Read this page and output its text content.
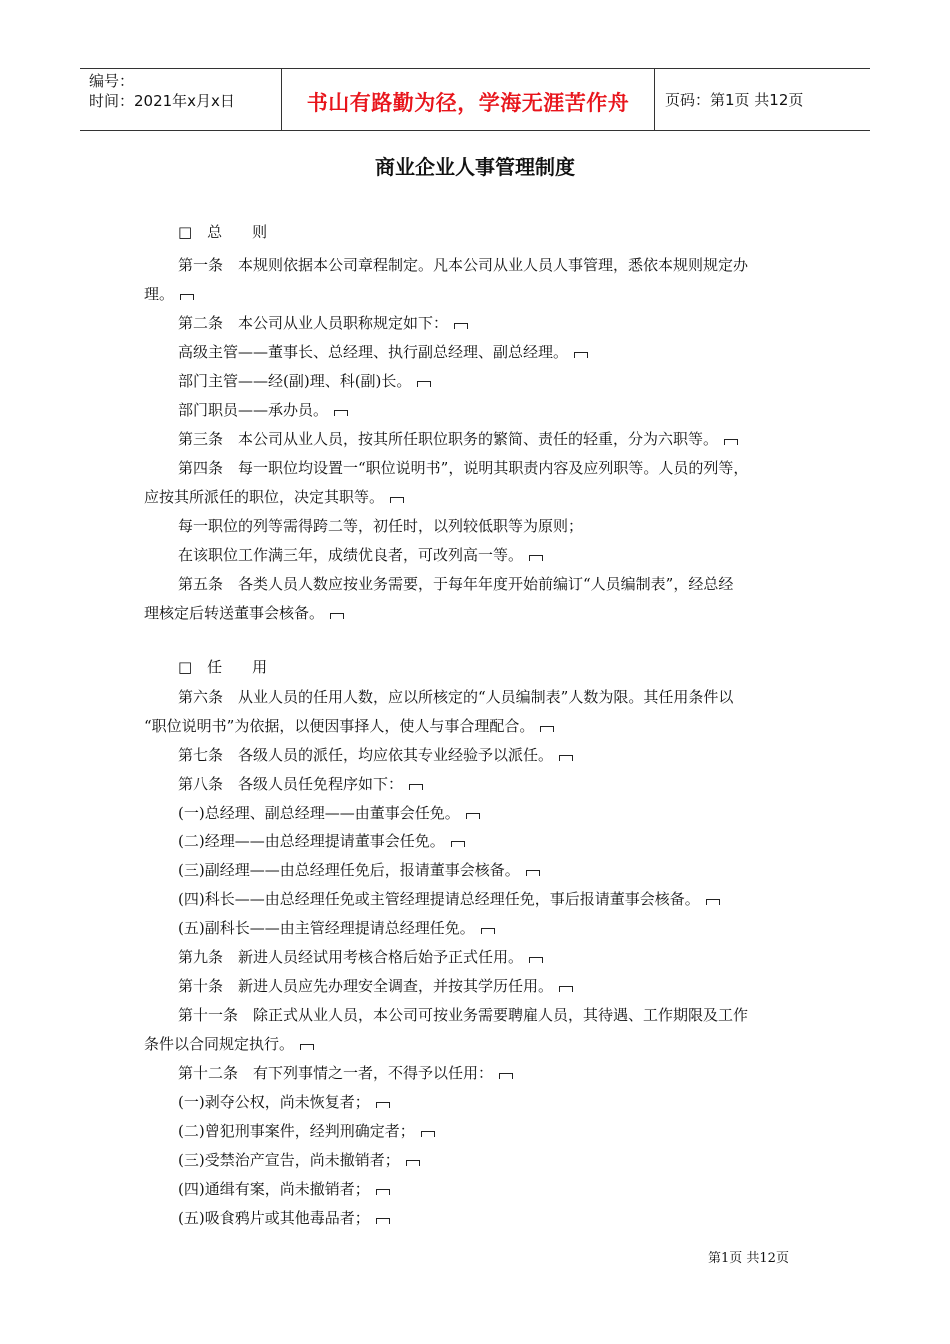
编号：
时间：2021年x月x日	书山有路勤为径，学海无涯苦作舟	页码：第1页 共12页
商业企业人事管理制度
□　总　　则
第一条　本规则依据本公司章程制定。凡本公司从业人员人事管理，悉依本规则规定办
理。
第二条　本公司从业人员职称规定如下：
高级主管——董事长、总经理、执行副总经理、副总经理。
部门主管——经(副)理、科(副)长。
部门职员——承办员。
第三条　本公司从业人员，按其所任职位职务的繁简、责任的轻重，分为六职等。
第四条　每一职位均设置一“职位说明书”，说明其职责内容及应列职等。人员的列等，
应按其所派任的职位，决定其职等。
每一职位的列等需得跨二等，初任时，以列较低职等为原则；
在该职位工作满三年，成绩优良者，可改列高一等。
第五条　各类人员人数应按业务需要，于每年年度开始前编订“人员编制表”，经总经
理核定后转送董事会核备。
□　任　　用
第六条　从业人员的任用人数，应以所核定的“人员编制表”人数为限。其任用条件以
“职位说明书”为依据，以便因事择人，使人与事合理配合。
第七条　各级人员的派任，均应依其专业经验予以派任。
第八条　各级人员任免程序如下：
(一)总经理、副总经理——由董事会任免。
(二)经理——由总经理提请董事会任免。
(三)副经理——由总经理任免后，报请董事会核备。
(四)科长——由总经理任免或主管经理提请总经理任免，事后报请董事会核备。
(五)副科长——由主管经理提请总经理任免。
第九条　新进人员经试用考核合格后始予正式任用。
第十条　新进人员应先办理安全调查，并按其学历任用。
第十一条　除正式从业人员，本公司可按业务需要聘雇人员，其待遇、工作期限及工作
条件以合同规定执行。
第十二条　有下列事情之一者，不得予以任用：
(一)剥夺公权，尚未恢复者；
(二)曾犯刑事案件，经判刑确定者；
(三)受禁治产宣告，尚未撤销者；
(四)通缉有案，尚未撤销者；
(五)吸食鸦片或其他毒品者；
第1页 共12页
